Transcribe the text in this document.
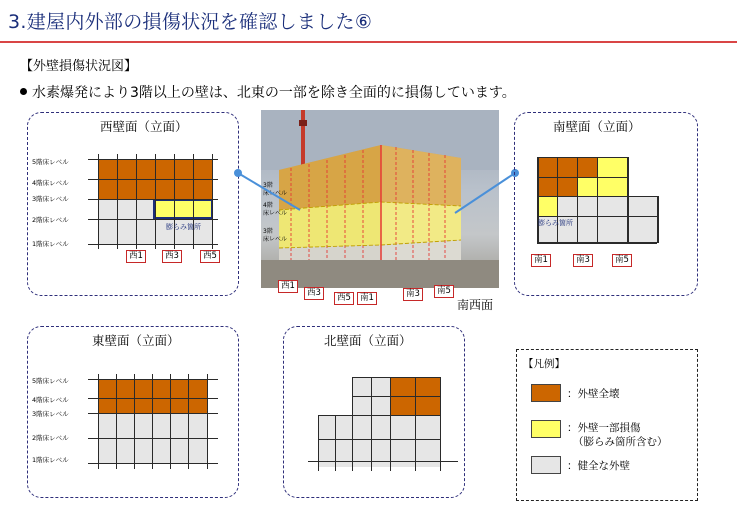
3.建屋内外部の損傷状況を確認しました⑥
【外壁損傷状況図】
水素爆発により3階以上の壁は、北東の一部を除き全面的に損傷しています。
西壁面（立面）
5階床レベル
4階床レベル
3階床レベル
2階床レベル
1階床レベル
膨らみ箇所
西1	西3	西5
3階
床レベル
4階
床レベル
3階
床レベル
西1
西3	西5	南1	南3	南5
南西面
南壁面（立面）
膨らみ箇所
南1	南3	南5
東壁面（立面）
5階床レベル
4階床レベル
3階床レベル
2階床レベル
1階床レベル
北壁面（立面）
【凡例】
：外壁全壊
：外壁一部損傷
（膨らみ箇所含む）
：健全な外壁
